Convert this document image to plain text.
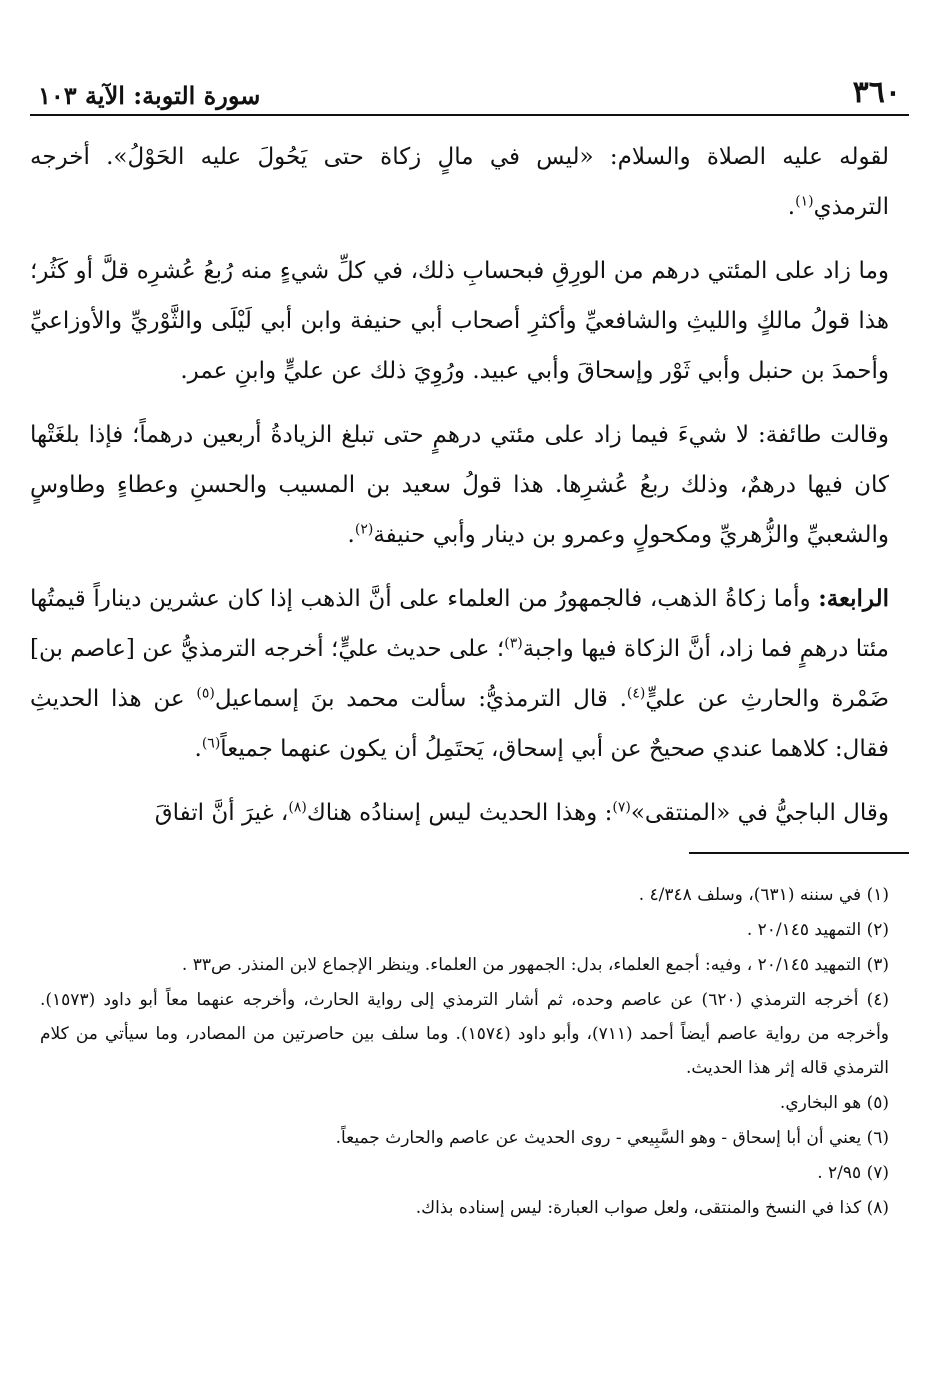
٣٦٠
سورة التوبة: الآية ١٠٣

لقوله عليه الصلاة والسلام: «ليس في مالٍ زكاة حتى يَحُولَ عليه الحَوْلُ». أخرجه الترمذي$^{(١)}$.

وما زاد على المئتي درهم من الورِقِ فبحسابِ ذلك، في كلِّ شيءٍ منه رُبعُ عُشرِه قلَّ أو كَثُر؛ هذا قولُ مالكٍ والليثِ والشافعيِّ وأكثرِ أصحاب أبي حنيفة وابن أبي لَيْلَى والثَّوْريِّ والأوزاعيِّ وأحمدَ بن حنبل وأبي ثَوْر وإسحاقَ وأبي عبيد. ورُوِيَ ذلك عن عليٍّ وابنِ عمر.

وقالت طائفة: لا شيءَ فيما زاد على مئتي درهمٍ حتى تبلغ الزيادةُ أربعين درهماً؛ فإذا بلغَتْها كان فيها درهمٌ، وذلك ربعُ عُشرِها. هذا قولُ سعيد بن المسيب والحسنِ وعطاءٍ وطاوسٍ والشعبيِّ والزُّهريِّ ومكحولٍ وعمرو بن دينار وأبي حنيفة$^{(٢)}$.

الرابعة: وأما زكاةُ الذهب، فالجمهورُ من العلماء على أنَّ الذهب إذا كان عشرين ديناراً قيمتُها مئتا درهمٍ فما زاد، أنَّ الزكاة فيها واجبة$^{(٣)}$؛ على حديث عليٍّ؛ أخرجه الترمذيُّ عن [عاصم بن] ضَمْرة والحارثِ عن عليٍّ$^{(٤)}$. قال الترمذيُّ: سألت محمد بنَ إسماعيل$^{(٥)}$ عن هذا الحديثِ فقال: كلاهما عندي صحيحٌ عن أبي إسحاق، يَحتَمِلُ أن يكون عنهما جميعاً$^{(٦)}$.

وقال الباجيُّ في «المنتقى»$^{(٧)}$: وهذا الحديث ليس إسنادُه هناك$^{(٨)}$، غيرَ أنَّ اتفاقَ

(١) في سننه (٦٣١)، وسلف ٤/٣٤٨ .

(٢) التمهيد ٢٠/١٤٥ .

(٣) التمهيد ٢٠/١٤٥ ، وفيه: أجمع العلماء، بدل: الجمهور من العلماء. وينظر الإجماع لابن المنذر. ص٣٣ .

(٤) أخرجه الترمذي (٦٢٠) عن عاصم وحده، ثم أشار الترمذي إلى رواية الحارث، وأخرجه عنهما معاً أبو داود (١٥٧٣). وأخرجه من رواية عاصم أيضاً أحمد (٧١١)، وأبو داود (١٥٧٤). وما سلف بين حاصرتين من المصادر، وما سيأتي من كلام الترمذي قاله إثر هذا الحديث.

(٥) هو البخاري.

(٦) يعني أن أبا إسحاق - وهو السَّبِيعي - روى الحديث عن عاصم والحارث جميعاً.

(٧) ٢/٩٥ .

(٨) كذا في النسخ والمنتقى، ولعل صواب العبارة: ليس إسناده بذاك.
